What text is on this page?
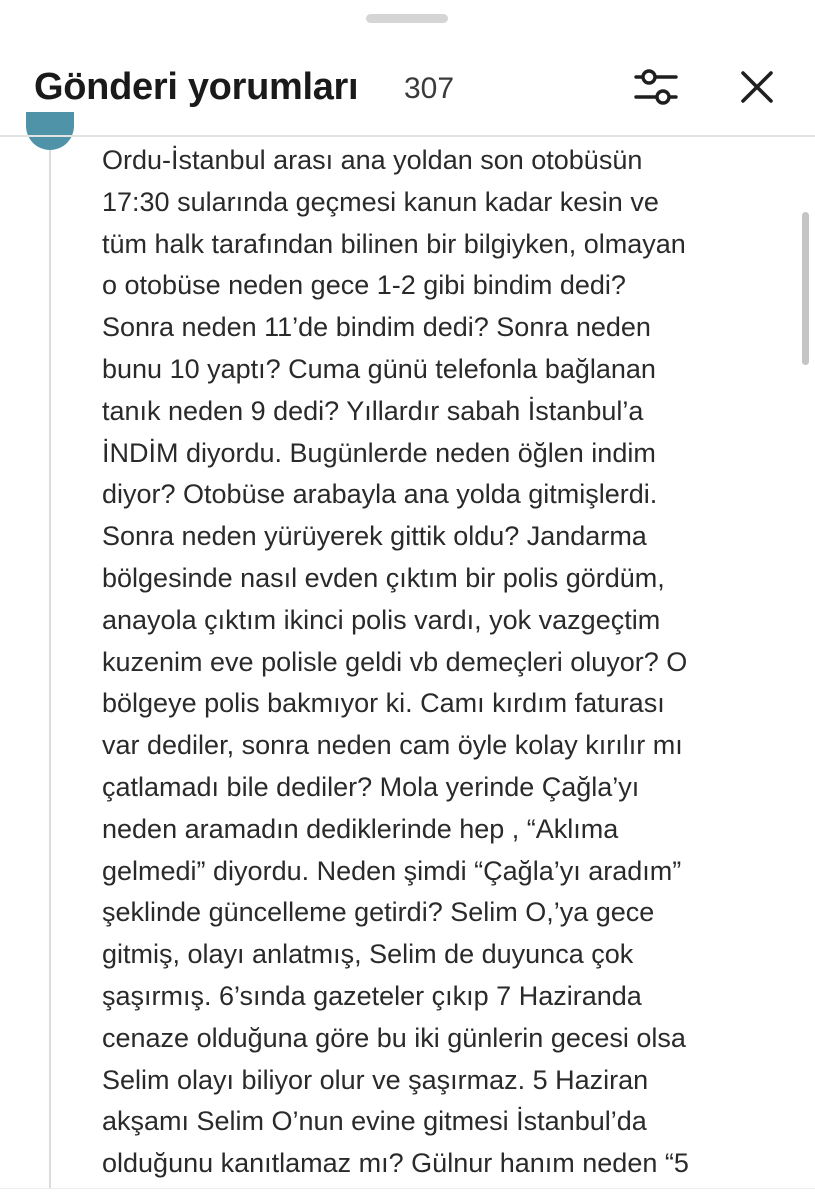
Gönderi yorumları 307
Ordu-İstanbul arası ana yoldan son otobüsün
17:30 sularında geçmesi kanun kadar kesin ve
tüm halk tarafından bilinen bir bilgiyken, olmayan
o otobüse neden gece 1-2 gibi bindim dedi?
Sonra neden 11’de bindim dedi? Sonra neden
bunu 10 yaptı? Cuma günü telefonla bağlanan
tanık neden 9 dedi? Yıllardır sabah İstanbul’a
İNDİM diyordu. Bugünlerde neden öğlen indim
diyor? Otobüse arabayla ana yolda gitmişlerdi.
Sonra neden yürüyerek gittik oldu? Jandarma
bölgesinde nasıl evden çıktım bir polis gördüm,
anayola çıktım ikinci polis vardı, yok vazgeçtim
kuzenim eve polisle geldi vb demeçleri oluyor? O
bölgeye polis bakmıyor ki. Camı kırdım faturası
var dediler, sonra neden cam öyle kolay kırılır mı
çatlamadı bile dediler? Mola yerinde Çağla’yı
neden aramadın dediklerinde hep , “Aklıma
gelmedi” diyordu. Neden şimdi “Çağla’yı aradım”
şeklinde güncelleme getirdi? Selim O,’ya gece
gitmiş, olayı anlatmış, Selim de duyunca çok
şaşırmış. 6’sında gazeteler çıkıp 7 Haziranda
cenaze olduğuna göre bu iki günlerin gecesi olsa
Selim olayı biliyor olur ve şaşırmaz. 5 Haziran
akşamı Selim O’nun evine gitmesi İstanbul’da
olduğunu kanıtlamaz mı? Gülnur hanım neden “5
